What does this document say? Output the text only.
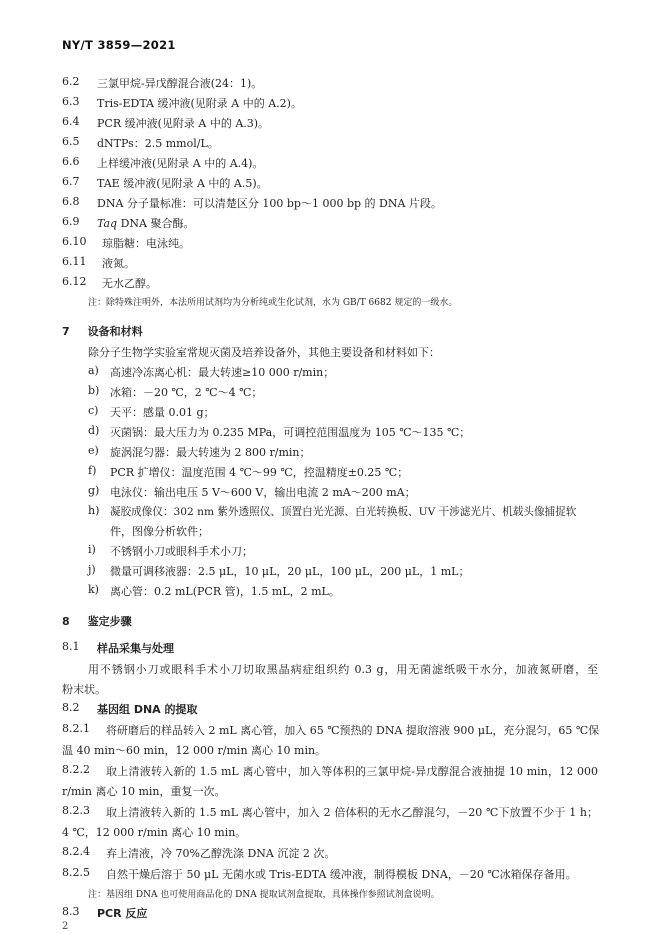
NY/T 3859—2021
6.2 三氯甲烷-异戊醇混合液(24：1)。
6.3 Tris-EDTA 缓冲液(见附录 A 中的 A.2)。
6.4 PCR 缓冲液(见附录 A 中的 A.3)。
6.5 dNTPs：2.5 mmol/L。
6.6 上样缓冲液(见附录 A 中的 A.4)。
6.7 TAE 缓冲液(见附录 A 中的 A.5)。
6.8 DNA 分子量标准：可以清楚区分 100 bp～1 000 bp 的 DNA 片段。
6.9 Taq DNA 聚合酶。
6.10 琼脂糖：电泳纯。
6.11 液氮。
6.12 无水乙醇。
注：除特殊注明外，本法所用试剂均为分析纯或生化试剂，水为 GB/T 6682 规定的一级水。
7 设备和材料
除分子生物学实验室常规灭菌及培养设备外，其他主要设备和材料如下：
a) 高速冷冻离心机：最大转速≥10 000 r/min；
b) 冰箱：－20 ℃，2 ℃～4 ℃；
c) 天平：感量 0.01 g；
d) 灭菌锅：最大压力为 0.235 MPa，可调控范围温度为 105 ℃～135 ℃；
e) 旋涡混匀器：最大转速为 2 800 r/min；
f) PCR 扩增仪：温度范围 4 ℃～99 ℃，控温精度±0.25 ℃；
g) 电泳仪：输出电压 5 V～600 V，输出电流 2 mA～200 mA；
h) 凝胶成像仪：302 nm 紫外透照仪、顶置白光光源、白光转换板、UV 干涉滤光片、机载头像捕捉软
件，图像分析软件；
i) 不锈钢小刀或眼科手术小刀；
j) 微量可调移液器：2.5 μL，10 μL，20 μL，100 μL，200 μL，1 mL；
k) 离心管：0.2 mL(PCR 管)，1.5 mL，2 mL。
8 鉴定步骤
8.1 样品采集与处理
用不锈钢小刀或眼科手术小刀切取黑晶病症组织约 0.3 g，用无菌滤纸吸干水分，加液氮研磨，至
粉末状。
8.2 基因组 DNA 的提取
8.2.1 将研磨后的样品转入 2 mL 离心管，加入 65 ℃预热的 DNA 提取溶液 900 μL，充分混匀，65 ℃保
温 40 min～60 min，12 000 r/min 离心 10 min。
8.2.2 取上清液转入新的 1.5 mL 离心管中，加入等体积的三氯甲烷-异戊醇混合液抽提 10 min，12 000
r/min 离心 10 min，重复一次。
8.2.3 取上清液转入新的 1.5 mL 离心管中，加入 2 倍体积的无水乙醇混匀，－20 ℃下放置不少于 1 h；
4 ℃，12 000 r/min 离心 10 min。
8.2.4 弃上清液，冷 70%乙醇洗涤 DNA 沉淀 2 次。
8.2.5 自然干燥后溶于 50 μL 无菌水或 Tris-EDTA 缓冲液，制得模板 DNA，－20 ℃冰箱保存备用。
注：基因组 DNA 也可使用商品化的 DNA 提取试剂盒提取，具体操作参照试剂盒说明。
8.3 PCR 反应
2
